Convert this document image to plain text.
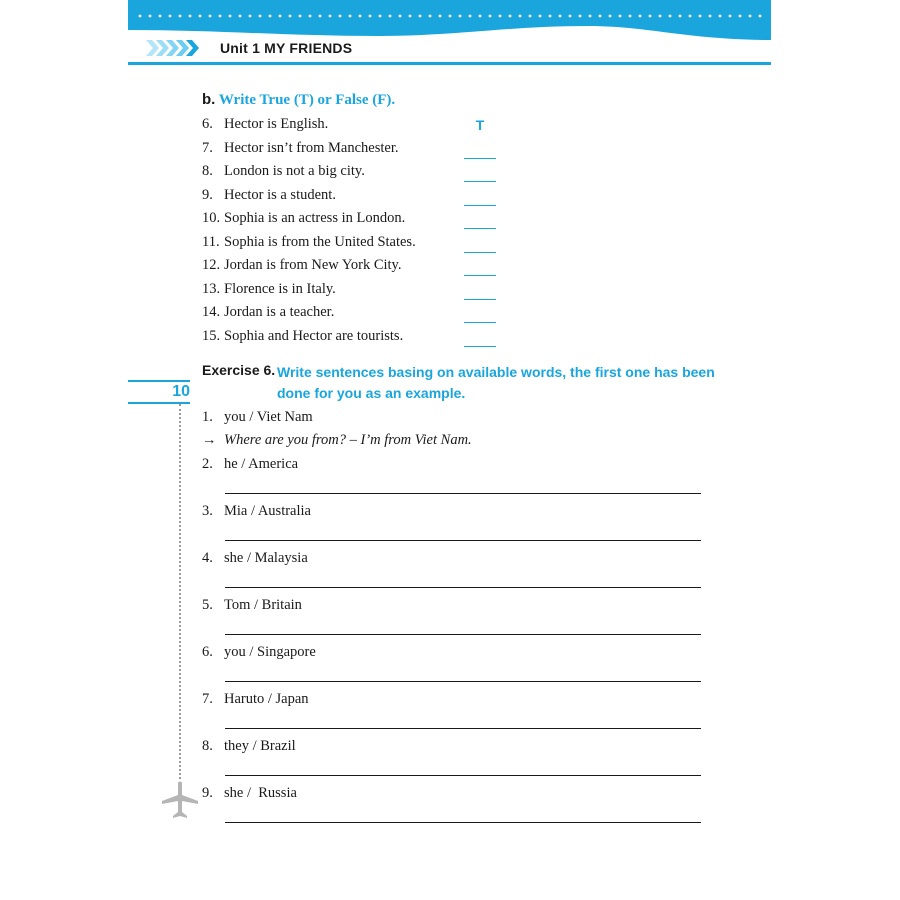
Unit 1 MY FRIENDS
b. Write True (T) or False (F).
6. Hector is English.	T
7. Hector isn’t from Manchester.
8. London is not a big city.
9. Hector is a student.
10. Sophia is an actress in London.
11. Sophia is from the United States.
12. Jordan is from New York City.
13. Florence is in Italy.
14. Jordan is a teacher.
15. Sophia and Hector are tourists.
Exercise 6. Write sentences basing on available words, the first one has been done for you as an example.
10
1. you / Viet Nam
→ Where are you from? – I’m from Viet Nam.
2. he / America
3. Mia / Australia
4. she / Malaysia
5. Tom / Britain
6. you / Singapore
7. Haruto / Japan
8. they / Brazil
9. she /  Russia
